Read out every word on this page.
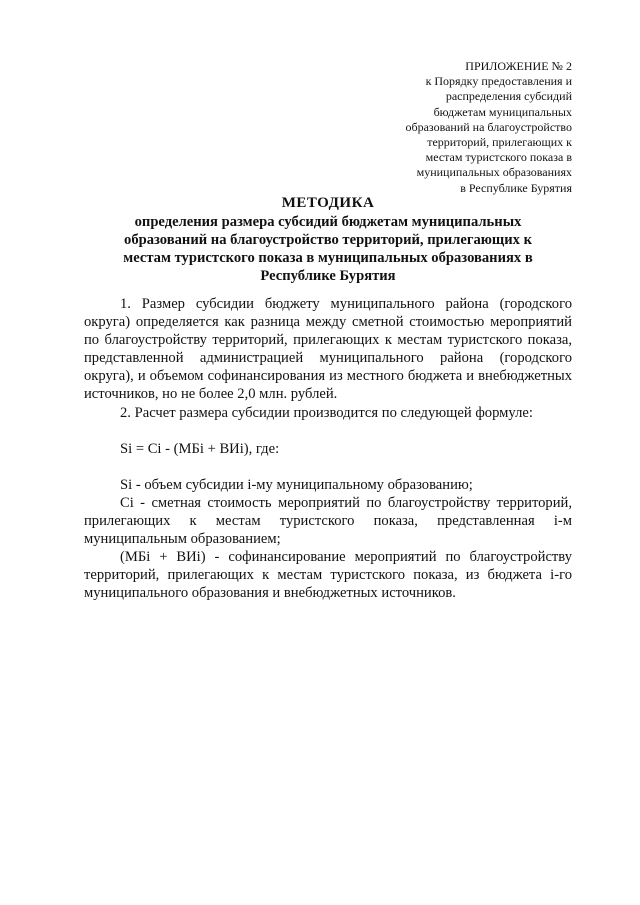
ПРИЛОЖЕНИЕ № 2
к Порядку предоставления и
распределения субсидий
бюджетам муниципальных
образований на благоустройство
территорий, прилегающих к
местам туристского показа в
муниципальных образованиях
в Республике Бурятия
МЕТОДИКА
определения размера субсидий бюджетам муниципальных
образований на благоустройство территорий, прилегающих к
местам туристского показа в муниципальных образованиях в
Республике Бурятия

1. Размер субсидии бюджету муниципального района (городского округа) определяется как разница между сметной стоимостью мероприятий по благоустройству территорий, прилегающих к местам туристского показа, представленной администрацией муниципального района (городского округа), и объемом софинансирования из местного бюджета и внебюджетных источников, но не более 2,0 млн. рублей.

2. Расчет размера субсидии производится по следующей формуле:

Si = Ci - (МБi + ВИi), где:

Si - объем субсидии i-му муниципальному образованию;

Ci - сметная стоимость мероприятий по благоустройству территорий, прилегающих к местам туристского показа, представленная i-м муниципальным образованием;

(МБi + ВИi) - софинансирование мероприятий по благоустройству территорий, прилегающих к местам туристского показа, из бюджета i-го муниципального образования и внебюджетных источников.
